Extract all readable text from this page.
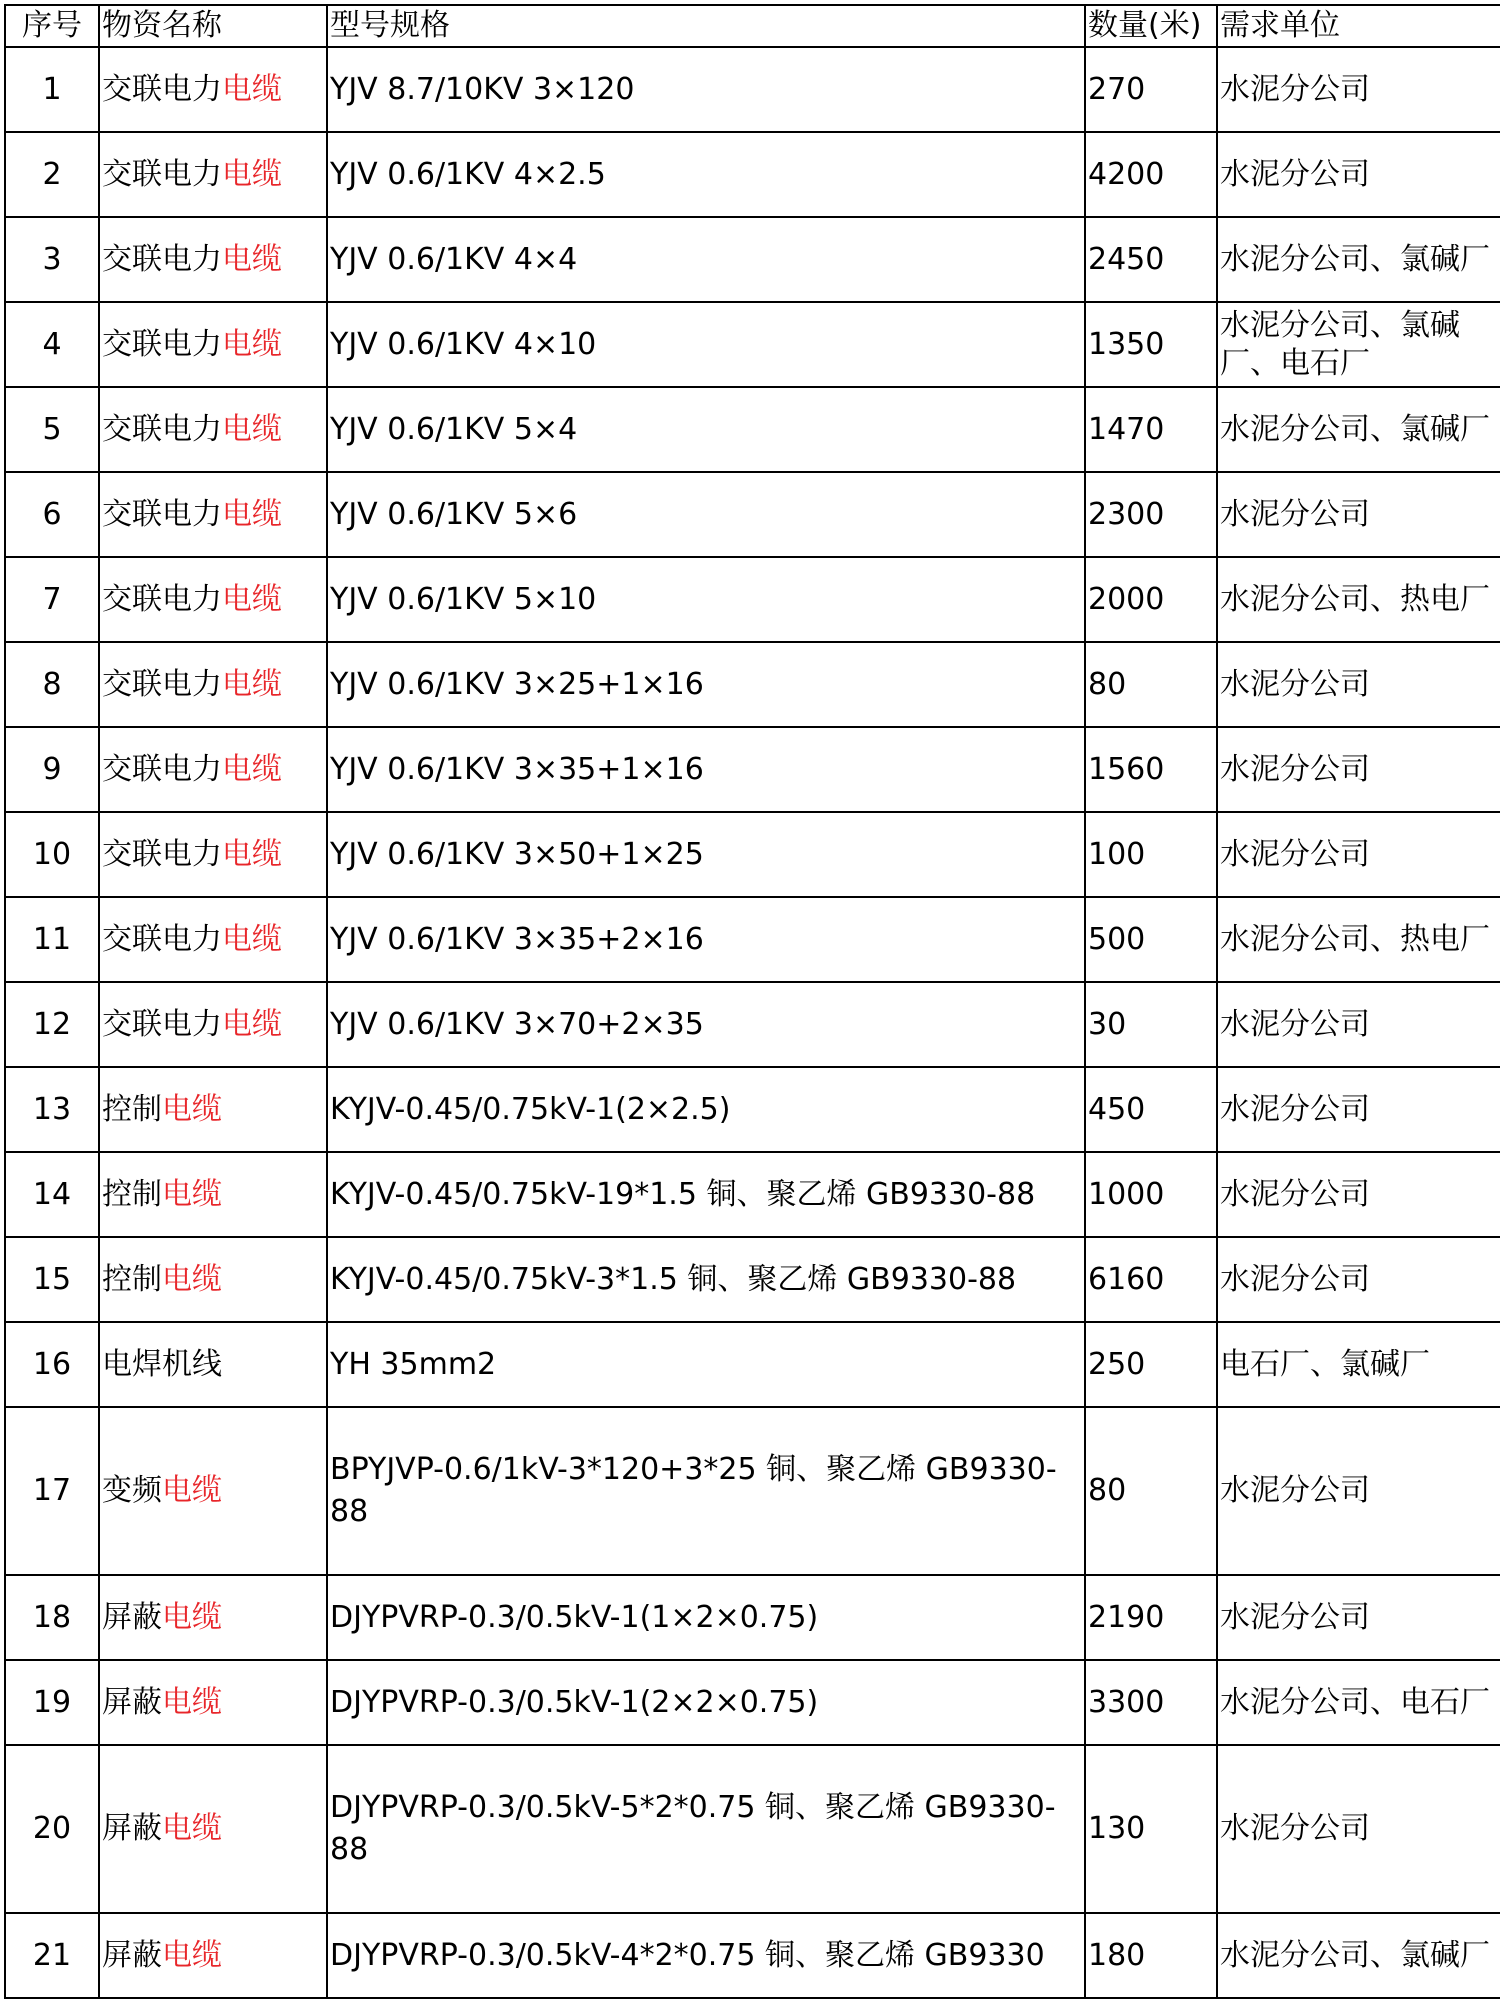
序号	物资名称	型号规格	数量(米)	需求单位
1	交联电力电缆	YJV 8.7/10KV 3×120	270	水泥分公司
2	交联电力电缆	YJV 0.6/1KV 4×2.5	4200	水泥分公司
3	交联电力电缆	YJV 0.6/1KV 4×4	2450	水泥分公司、氯碱厂
4	交联电力电缆	YJV 0.6/1KV 4×10	1350	水泥分公司、氯碱厂、电石厂
5	交联电力电缆	YJV 0.6/1KV 5×4	1470	水泥分公司、氯碱厂
6	交联电力电缆	YJV 0.6/1KV 5×6	2300	水泥分公司
7	交联电力电缆	YJV 0.6/1KV 5×10	2000	水泥分公司、热电厂
8	交联电力电缆	YJV 0.6/1KV 3×25+1×16	80	水泥分公司
9	交联电力电缆	YJV 0.6/1KV 3×35+1×16	1560	水泥分公司
10	交联电力电缆	YJV 0.6/1KV 3×50+1×25	100	水泥分公司
11	交联电力电缆	YJV 0.6/1KV 3×35+2×16	500	水泥分公司、热电厂
12	交联电力电缆	YJV 0.6/1KV 3×70+2×35	30	水泥分公司
13	控制电缆	KYJV-0.45/0.75kV-1(2×2.5)	450	水泥分公司
14	控制电缆	KYJV-0.45/0.75kV-19*1.5 铜、聚乙烯 GB9330-88	1000	水泥分公司
15	控制电缆	KYJV-0.45/0.75kV-3*1.5 铜、聚乙烯 GB9330-88	6160	水泥分公司
16	电焊机线	YH 35mm2	250	电石厂、氯碱厂
17	变频电缆	BPYJVP-0.6/1kV-3*120+3*25 铜、聚乙烯 GB9330-88	80	水泥分公司
18	屏蔽电缆	DJYPVRP-0.3/0.5kV-1(1×2×0.75)	2190	水泥分公司
19	屏蔽电缆	DJYPVRP-0.3/0.5kV-1(2×2×0.75)	3300	水泥分公司、电石厂
20	屏蔽电缆	DJYPVRP-0.3/0.5kV-5*2*0.75 铜、聚乙烯 GB9330-88	130	水泥分公司
21	屏蔽电缆	DJYPVRP-0.3/0.5kV-4*2*0.75 铜、聚乙烯 GB9330	180	水泥分公司、氯碱厂
